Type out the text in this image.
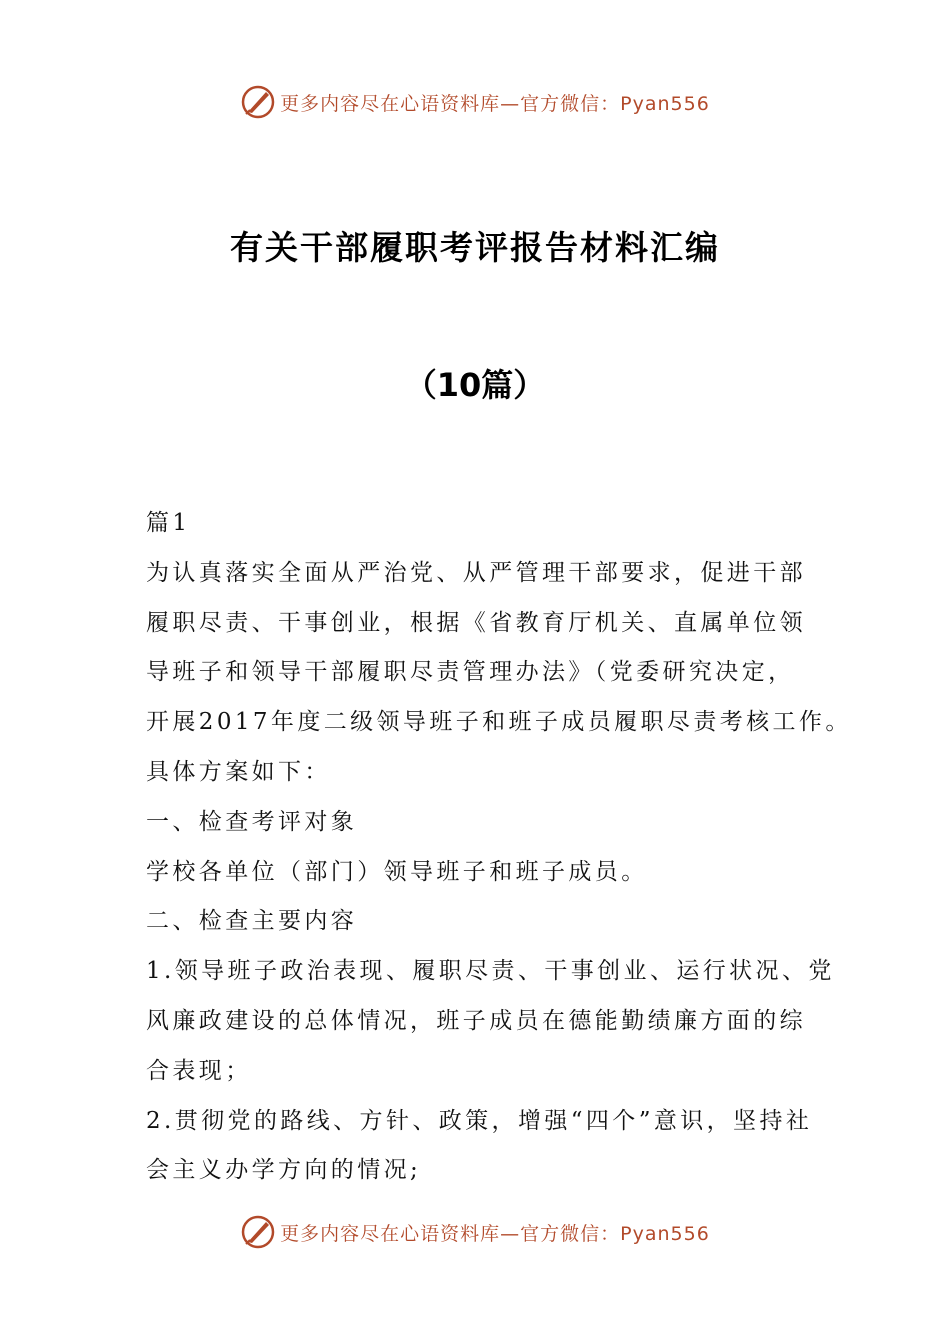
更多内容尽在心语资料库—官方微信：Pyan556
有关干部履职考评报告材料汇编
（10篇）

篇1

为认真落实全面从严治党、从严管理干部要求，促进干部

履职尽责、干事创业，根据《省教育厅机关、直属单位领

导班子和领导干部履职尽责管理办法》（党委研究决定，

开展2017年度二级领导班子和班子成员履职尽责考核工作。

具体方案如下：

一、检查考评对象

学校各单位（部门）领导班子和班子成员。

二、检查主要内容

1.领导班子政治表现、履职尽责、干事创业、运行状况、党

风廉政建设的总体情况，班子成员在德能勤绩廉方面的综

合表现；

2.贯彻党的路线、方针、政策，增强“四个”意识，坚持社

会主义办学方向的情况;

更多内容尽在心语资料库—官方微信：Pyan556
